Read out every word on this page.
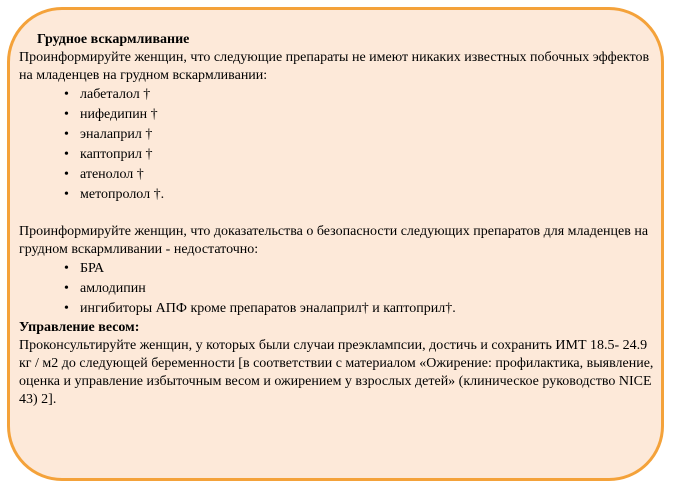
Грудное вскармливание

Проинформируйте женщин, что следующие препараты не имеют никаких известных побочных эффектов на младенцев на грудном вскармливании:

• лабеталол †
• нифедипин †
• эналаприл †
• каптоприл †
• атенолол †
• метопролол †.

Проинформируйте женщин, что доказательства о безопасности следующих препаратов для младенцев на грудном вскармливании - недостаточно:

• БРА
• амлодипин
• ингибиторы АПФ кроме препаратов эналаприл† и каптоприл†.

Управление весом:

Проконсультируйте женщин, у которых были случаи преэклампсии, достичь и сохранить ИМТ 18.5- 24.9 кг / м2 до следующей беременности [в соответствии с материалом «Ожирение: профилактика, выявление, оценка и управление избыточным весом и ожирением у взрослых детей» (клиническое руководство NICE 43) 2].
